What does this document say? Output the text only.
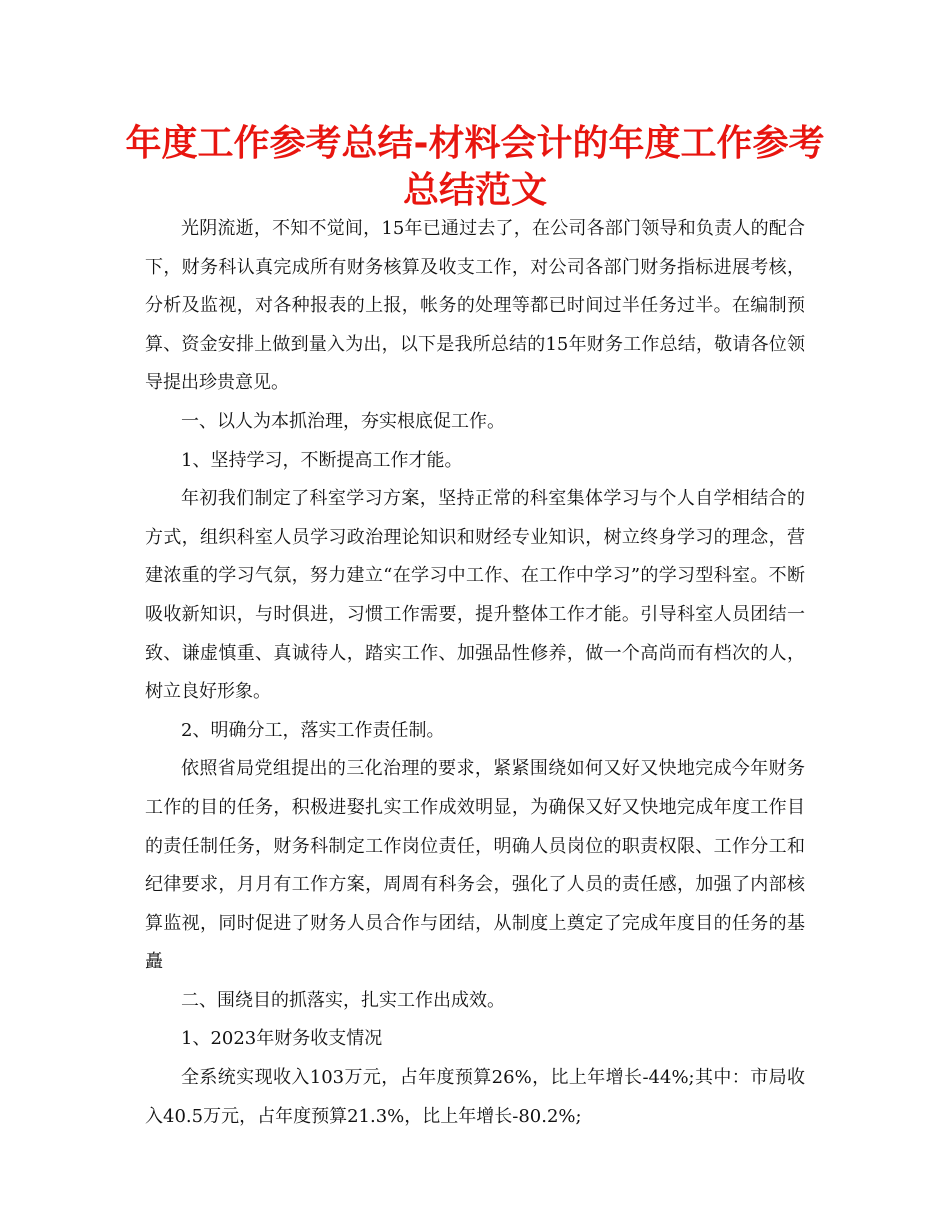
年度工作参考总结-材料会计的年度工作参考总结范文

光阴流逝，不知不觉间，15年已通过去了，在公司各部门领导和负责人的配合下，财务科认真完成所有财务核算及收支工作，对公司各部门财务指标进展考核，分析及监视，对各种报表的上报，帐务的处理等都已时间过半任务过半。在编制预算、资金安排上做到量入为出，以下是我所总结的15年财务工作总结，敬请各位领导提出珍贵意见。

一、以人为本抓治理，夯实根底促工作。

1、坚持学习，不断提高工作才能。

年初我们制定了科室学习方案，坚持正常的科室集体学习与个人自学相结合的方式，组织科室人员学习政治理论知识和财经专业知识，树立终身学习的理念，营建浓重的学习气氛，努力建立“在学习中工作、在工作中学习”的学习型科室。不断吸收新知识，与时俱进，习惯工作需要，提升整体工作才能。引导科室人员团结一致、谦虚慎重、真诚待人，踏实工作、加强品性修养，做一个高尚而有档次的人，树立良好形象。

2、明确分工，落实工作责任制。

依照省局党组提出的三化治理的要求，紧紧围绕如何又好又快地完成今年财务工作的目的任务，积极进娶扎实工作成效明显，为确保又好又快地完成年度工作目的责任制任务，财务科制定工作岗位责任，明确人员岗位的职责权限、工作分工和纪律要求，月月有工作方案，周周有科务会，强化了人员的责任感，加强了内部核算监视，同时促进了财务人员合作与团结，从制度上奠定了完成年度目的任务的基矗

二、围绕目的抓落实，扎实工作出成效。

1、2023年财务收支情况

全系统实现收入103万元，占年度预算26%，比上年增长-44%;其中：市局收入40.5万元，占年度预算21.3%，比上年增长-80.2%;
